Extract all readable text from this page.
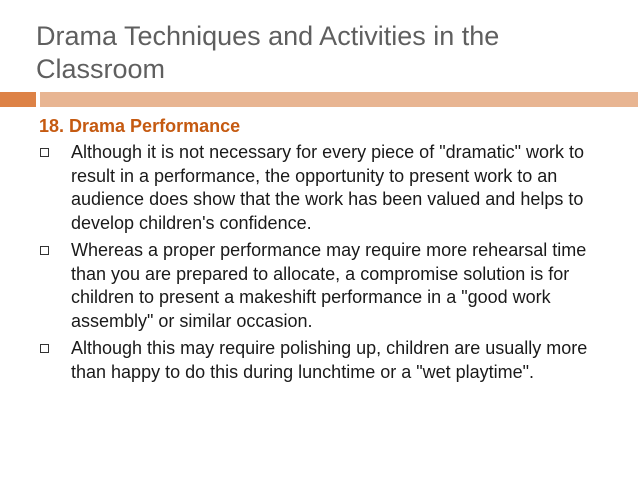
Drama Techniques and Activities in the Classroom
18. Drama Performance
Although it is not necessary for every piece of "dramatic" work to result in a performance, the opportunity to present work to an audience does show that the work has been valued and helps to develop children's confidence.
Whereas a proper performance may require more rehearsal time than you are prepared to allocate, a compromise solution is for children to present a makeshift performance in a "good work assembly" or similar occasion.
Although this may require polishing up, children are usually more than happy to do this during lunchtime or a "wet playtime".
